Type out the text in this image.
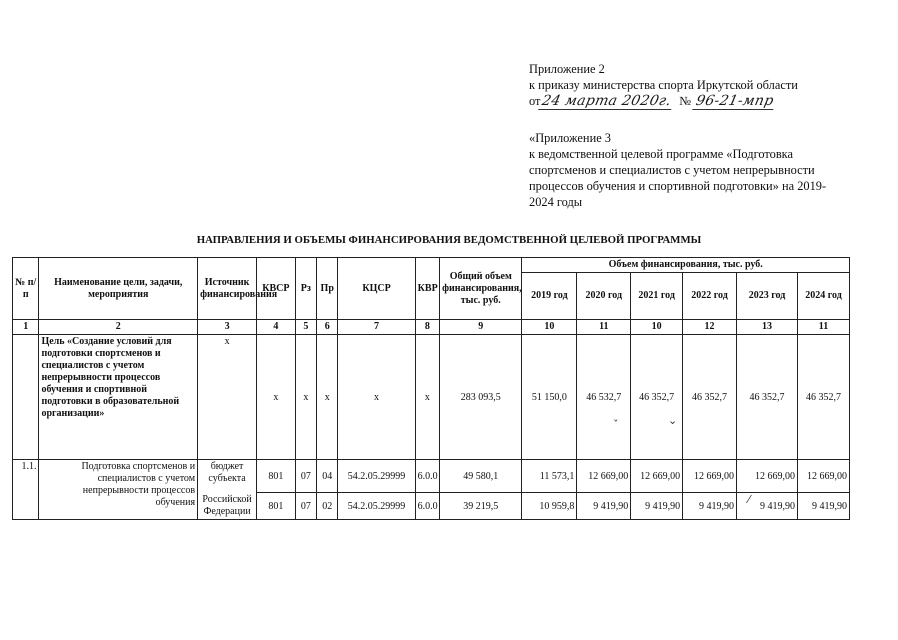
Приложение 2
к приказу министерства спорта Иркутской области
от 24 марта 2020г. № 96-21-мпр
«Приложение 3
к ведомственной целевой программе «Подготовка
спортсменов и специалистов с учетом непрерывности
процессов обучения и спортивной подготовки» на 2019-
2024 годы
НАПРАВЛЕНИЯ И ОБЪЕМЫ ФИНАНСИРОВАНИЯ ВЕДОМСТВЕННОЙ ЦЕЛЕВОЙ ПРОГРАММЫ
№ п/п	Наименование цели, задачи, мероприятия	Источник финансирования	КВСР	Рз	Пр	КЦСР	КВР	Общий объем финансирования, тыс. руб.	Объем финансирования, тыс. руб.					
									2019 год	2020 год	2021 год	2022 год	2023 год	2024 год
1	2	3	4	5	6	7	8	9	10	11	10	12	13	11
	Цель «Создание условий для подготовки спортсменов и специалистов с учетом непрерывности процессов обучения и спортивной подготовки в образовательной организации»	х	х	х	х	х	х	283 093,5	51 150,0	46 532,7	46 352,7	46 352,7	46 352,7	46 352,7
1.1.	Подготовка спортсменов и специалистов с учетом непрерывности процессов обучения	бюджет субъекта	801	07	04	54.2.05.29999	6.0.0	49 580,1	11 573,1	12 669,00	12 669,00	12 669,00	12 669,00	12 669,00
		Российской Федерации	801	07	02	54.2.05.29999	6.0.0	39 219,5	10 959,8	9 419,90	9 419,90	9 419,90	9 419,90	9 419,90
ˇ	⌄
⁄
